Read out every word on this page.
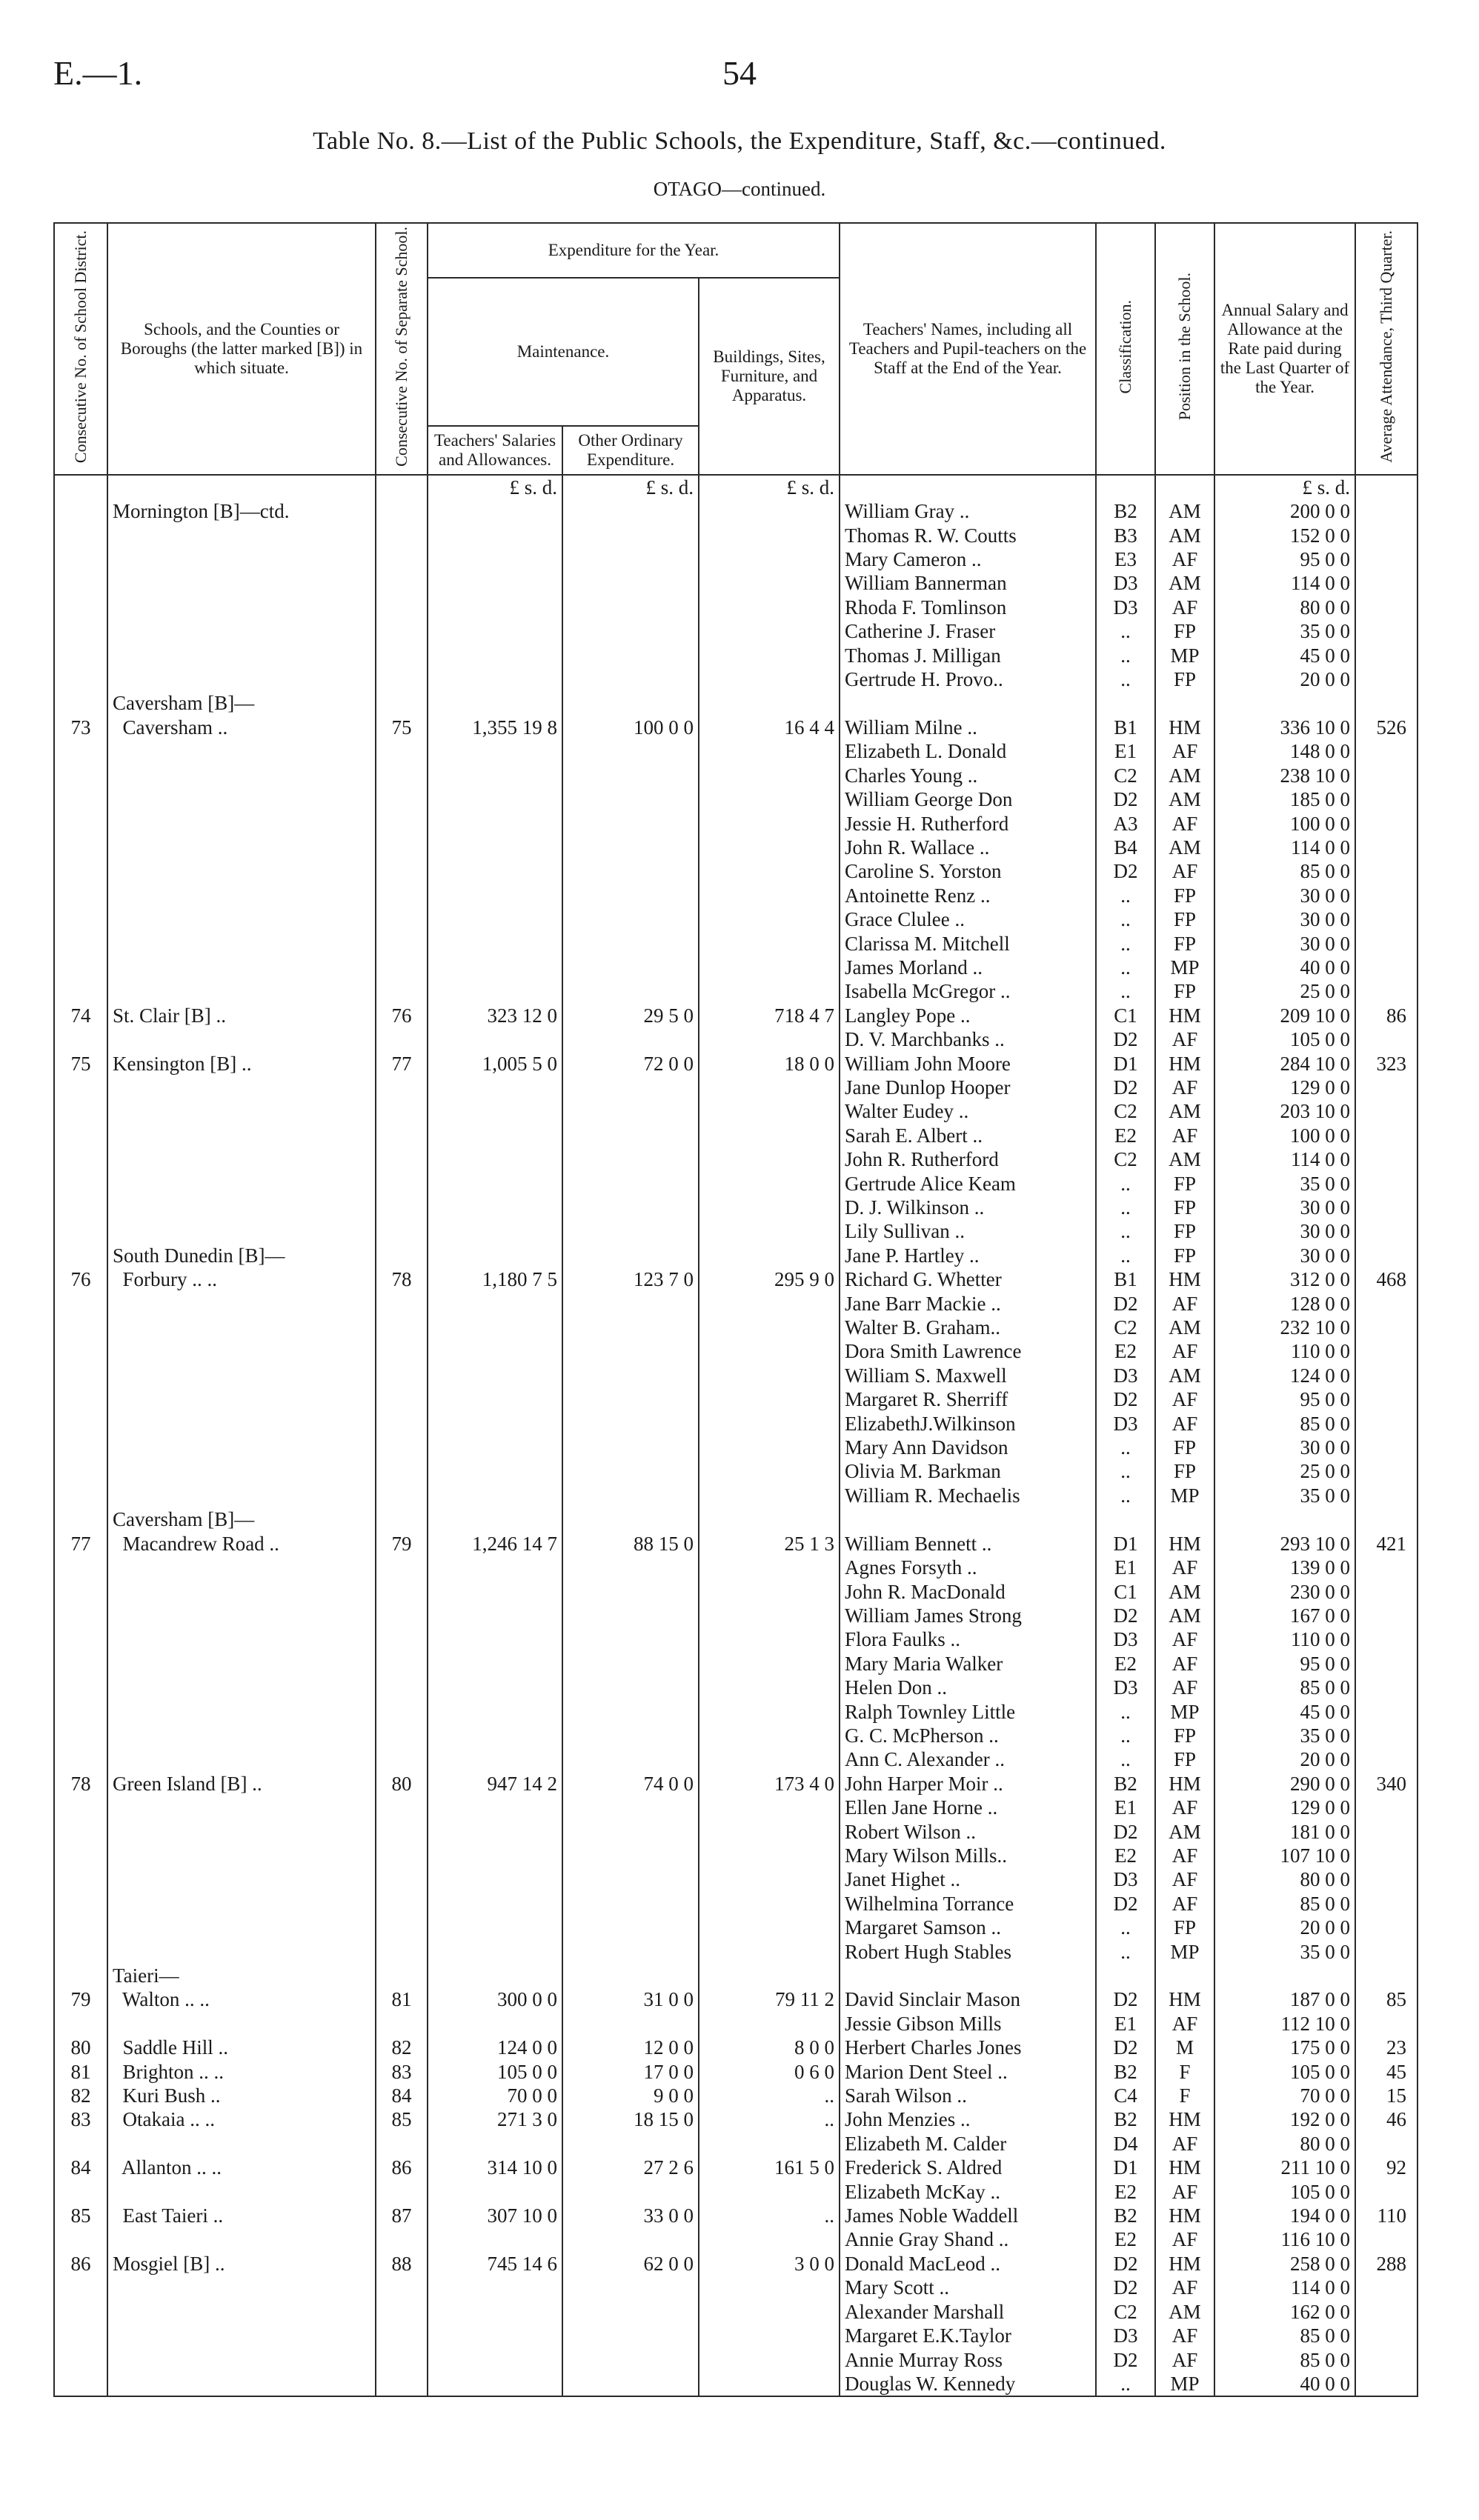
E.—1.	54
Table No. 8.—List of the Public Schools, the Expenditure, Staff, &c.—continued.
OTAGO—continued.
Consecutive No. of School District.	Schools, and the Counties or Boroughs (the latter marked [B]) in which situate.	Consecutive No. of Separate School.	Expenditure for the Year.			Teachers' Names, including all Teachers and Pupil-teachers on the Staff at the End of the Year.	Classification.	Position in the School.	Annual Salary and Allowance at the Rate paid during the Last Quarter of the Year.	Average Attendance, Third Quarter.
			Maintenance.		Buildings, Sites, Furniture, and Apparatus.					
			Teachers' Salaries and Allowances.	Other Ordinary Expenditure.						
			£ s. d.	£ s. d.	£ s. d.				£ s. d.	
	Mornington [B]—ctd.					William Gray ..	B2	AM	200 0 0	
						Thomas R. W. Coutts	B3	AM	152 0 0	
						Mary Cameron ..	E3	AF	95 0 0	
						William Bannerman	D3	AM	114 0 0	
						Rhoda F. Tomlinson	D3	AF	80 0 0	
						Catherine J. Fraser	..	FP	35 0 0	
						Thomas J. Milligan	..	MP	45 0 0	
						Gertrude H. Provo..	..	FP	20 0 0	
	Caversham [B]—									
73	Caversham ..	75	1,355 19 8	100 0 0	16 4 4	William Milne ..	B1	HM	336 10 0	526
						Elizabeth L. Donald	E1	AF	148 0 0	
						Charles Young ..	C2	AM	238 10 0	
						William George Don	D2	AM	185 0 0	
						Jessie H. Rutherford	A3	AF	100 0 0	
						John R. Wallace ..	B4	AM	114 0 0	
						Caroline S. Yorston	D2	AF	85 0 0	
						Antoinette Renz ..	..	FP	30 0 0	
						Grace Clulee ..	..	FP	30 0 0	
						Clarissa M. Mitchell	..	FP	30 0 0	
						James Morland ..	..	MP	40 0 0	
						Isabella McGregor ..	..	FP	25 0 0	
74	St. Clair [B] ..	76	323 12 0	29 5 0	718 4 7	Langley Pope ..	C1	HM	209 10 0	86
						D. V. Marchbanks ..	D2	AF	105 0 0	
75	Kensington [B] ..	77	1,005 5 0	72 0 0	18 0 0	William John Moore	D1	HM	284 10 0	323
						Jane Dunlop Hooper	D2	AF	129 0 0	
						Walter Eudey ..	C2	AM	203 10 0	
						Sarah E. Albert ..	E2	AF	100 0 0	
						John R. Rutherford	C2	AM	114 0 0	
						Gertrude Alice Keam	..	FP	35 0 0	
						D. J. Wilkinson ..	..	FP	30 0 0	
						Lily Sullivan ..	..	FP	30 0 0	
	South Dunedin [B]—					Jane P. Hartley ..	..	FP	30 0 0	
76	Forbury .. ..	78	1,180 7 5	123 7 0	295 9 0	Richard G. Whetter	B1	HM	312 0 0	468
						Jane Barr Mackie ..	D2	AF	128 0 0	
						Walter B. Graham..	C2	AM	232 10 0	
						Dora Smith Lawrence	E2	AF	110 0 0	
						William S. Maxwell	D3	AM	124 0 0	
						Margaret R. Sherriff	D2	AF	95 0 0	
						ElizabethJ.Wilkinson	D3	AF	85 0 0	
						Mary Ann Davidson	..	FP	30 0 0	
						Olivia M. Barkman	..	FP	25 0 0	
						William R. Mechaelis	..	MP	35 0 0	
	Caversham [B]—									
77	Macandrew Road ..	79	1,246 14 7	88 15 0	25 1 3	William Bennett ..	D1	HM	293 10 0	421
						Agnes Forsyth ..	E1	AF	139 0 0	
						John R. MacDonald	C1	AM	230 0 0	
						William James Strong	D2	AM	167 0 0	
						Flora Faulks ..	D3	AF	110 0 0	
						Mary Maria Walker	E2	AF	95 0 0	
						Helen Don ..	D3	AF	85 0 0	
						Ralph Townley Little	..	MP	45 0 0	
						G. C. McPherson ..	..	FP	35 0 0	
						Ann C. Alexander ..	..	FP	20 0 0	
78	Green Island [B] ..	80	947 14 2	74 0 0	173 4 0	John Harper Moir ..	B2	HM	290 0 0	340
						Ellen Jane Horne ..	E1	AF	129 0 0	
						Robert Wilson ..	D2	AM	181 0 0	
						Mary Wilson Mills..	E2	AF	107 10 0	
						Janet Highet ..	D3	AF	80 0 0	
						Wilhelmina Torrance	D2	AF	85 0 0	
						Margaret Samson ..	..	FP	20 0 0	
						Robert Hugh Stables	..	MP	35 0 0	
	Taieri—									
79	Walton .. ..	81	300 0 0	31 0 0	79 11 2	David Sinclair Mason	D2	HM	187 0 0	85
						Jessie Gibson Mills	E1	AF	112 10 0	
80	Saddle Hill ..	82	124 0 0	12 0 0	8 0 0	Herbert Charles Jones	D2	M	175 0 0	23
81	Brighton .. ..	83	105 0 0	17 0 0	0 6 0	Marion Dent Steel ..	B2	F	105 0 0	45
82	Kuri Bush ..	84	70 0 0	9 0 0	..	Sarah Wilson ..	C4	F	70 0 0	15
83	Otakaia .. ..	85	271 3 0	18 15 0	..	John Menzies ..	B2	HM	192 0 0	46
						Elizabeth M. Calder	D4	AF	80 0 0	
84	Allanton .. ..	86	314 10 0	27 2 6	161 5 0	Frederick S. Aldred	D1	HM	211 10 0	92
						Elizabeth McKay ..	E2	AF	105 0 0	
85	East Taieri ..	87	307 10 0	33 0 0	..	James Noble Waddell	B2	HM	194 0 0	110
						Annie Gray Shand ..	E2	AF	116 10 0	
86	Mosgiel [B] ..	88	745 14 6	62 0 0	3 0 0	Donald MacLeod ..	D2	HM	258 0 0	288
						Mary Scott ..	D2	AF	114 0 0	
						Alexander Marshall	C2	AM	162 0 0	
						Margaret E.K.Taylor	D3	AF	85 0 0	
						Annie Murray Ross	D2	AF	85 0 0	
						Douglas W. Kennedy	..	MP	40 0 0	
